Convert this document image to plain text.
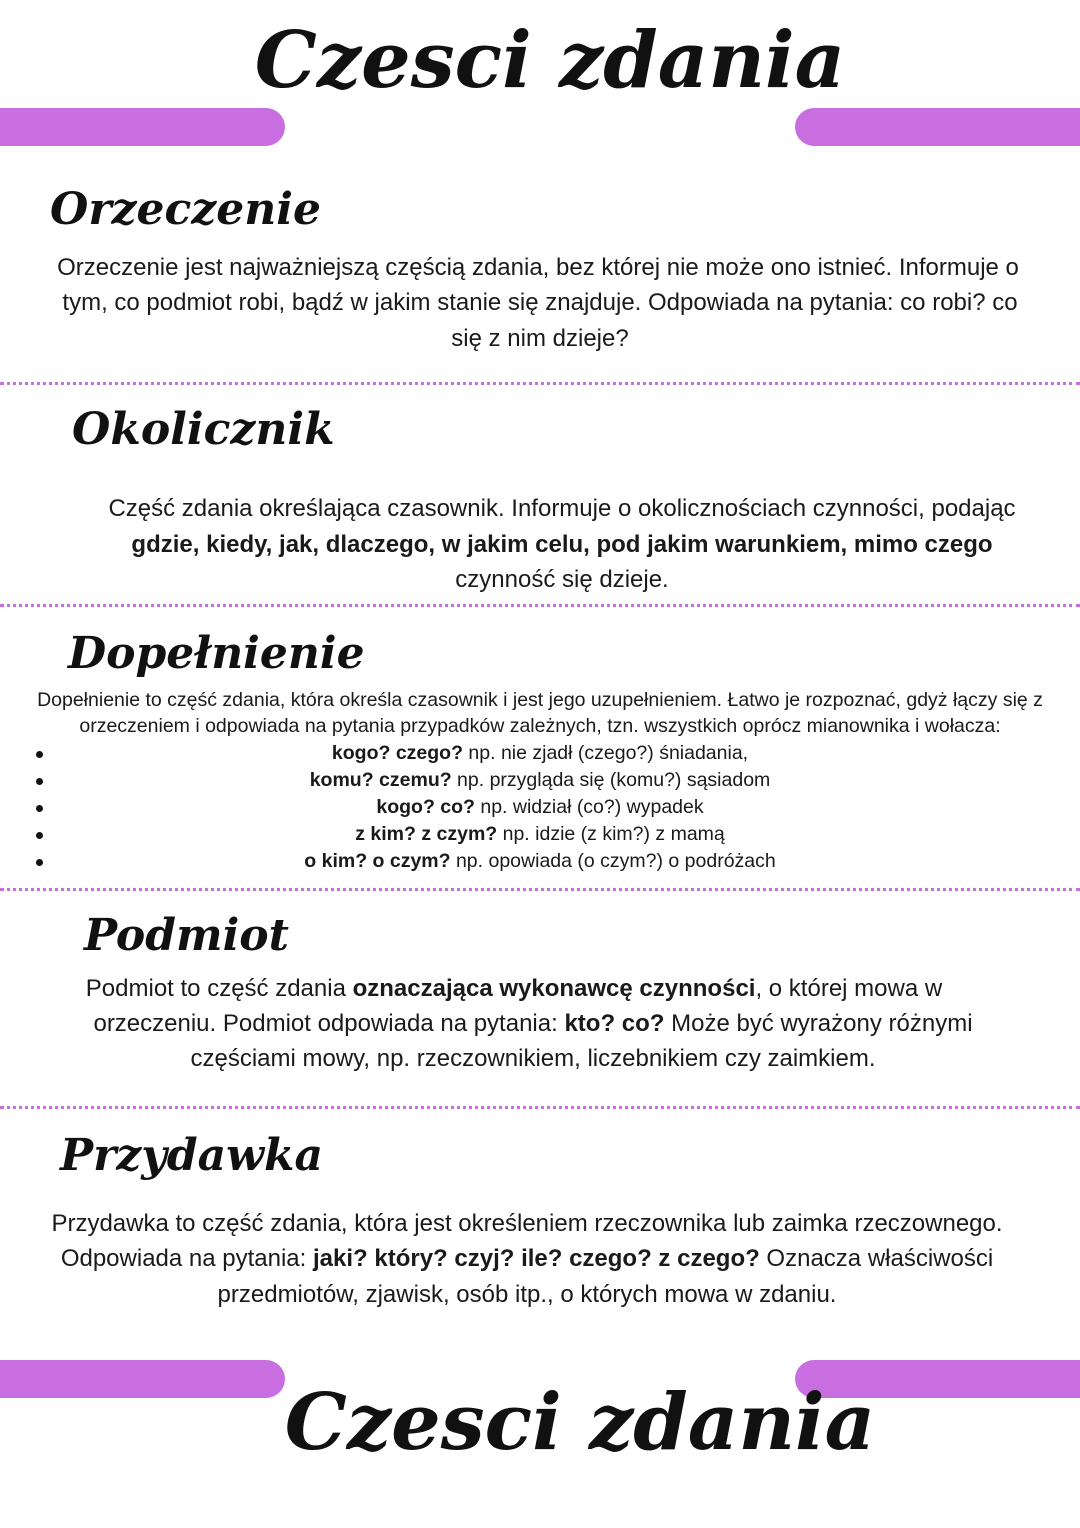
Czesci zdania
Orzeczenie

Orzeczenie jest najważniejszą częścią zdania, bez której nie może ono istnieć. Informuje o

tym, co podmiot robi, bądź w jakim stanie się znajduje. Odpowiada na pytania: co robi? co

się z nim dzieje?

Okolicznik

Część zdania określająca czasownik. Informuje o okolicznościach czynności, podając

gdzie, kiedy, jak, dlaczego, w jakim celu, pod jakim warunkiem, mimo czego

czynność się dzieje.

Dopełnienie

Dopełnienie to część zdania, która określa czasownik i jest jego uzupełnieniem. Łatwo je rozpoznać, gdyż łączy się z

orzeczeniem i odpowiada na pytania przypadków zależnych, tzn. wszystkich oprócz mianownika i wołacza:

kogo? czego? np. nie zjadł (czego?) śniadania,
komu? czemu? np. przygląda się (komu?) sąsiadom
kogo? co? np. widział (co?) wypadek
z kim? z czym? np. idzie (z kim?) z mamą
o kim? o czym? np. opowiada (o czym?) o podróżach
Podmiot

Podmiot to część zdania oznaczająca wykonawcę czynności, o której mowa w

orzeczeniu. Podmiot odpowiada na pytania: kto? co? Może być wyrażony różnymi

częściami mowy, np. rzeczownikiem, liczebnikiem czy zaimkiem.

Przydawka

Przydawka to część zdania, która jest określeniem rzeczownika lub zaimka rzeczownego.

Odpowiada na pytania: jaki? który? czyj? ile? czego? z czego? Oznacza właściwości

przedmiotów, zjawisk, osób itp., o których mowa w zdaniu.

Czesci zdania
